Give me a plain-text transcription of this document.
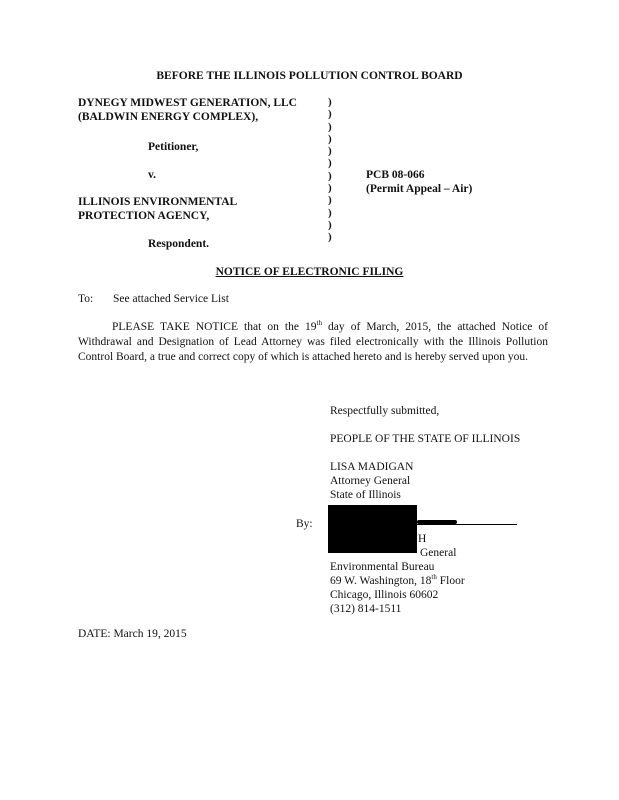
BEFORE THE ILLINOIS POLLUTION CONTROL BOARD
DYNEGY MIDWEST GENERATION, LLC
(BALDWIN ENERGY COMPLEX),
Petitioner,
v.
ILLINOIS ENVIRONMENTAL
PROTECTION AGENCY,
Respondent.
)
)
)
)
)
)
)
)
)
)
)
)
PCB 08-066
(Permit Appeal – Air)
NOTICE OF ELECTRONIC FILING
To: See attached Service List
PLEASE TAKE NOTICE that on the 19th day of March, 2015, the attached Notice of Withdrawal and Designation of Lead Attorney was filed electronically with the Illinois Pollution Control Board, a true and correct copy of which is attached hereto and is hereby served upon you.
Respectfully submitted,
PEOPLE OF THE STATE OF ILLINOIS
LISA MADIGAN
Attorney General
State of Illinois
By:
H
General
Environmental Bureau
69 W. Washington, 18th Floor
Chicago, Illinois 60602
(312) 814-1511
DATE: March 19, 2015
